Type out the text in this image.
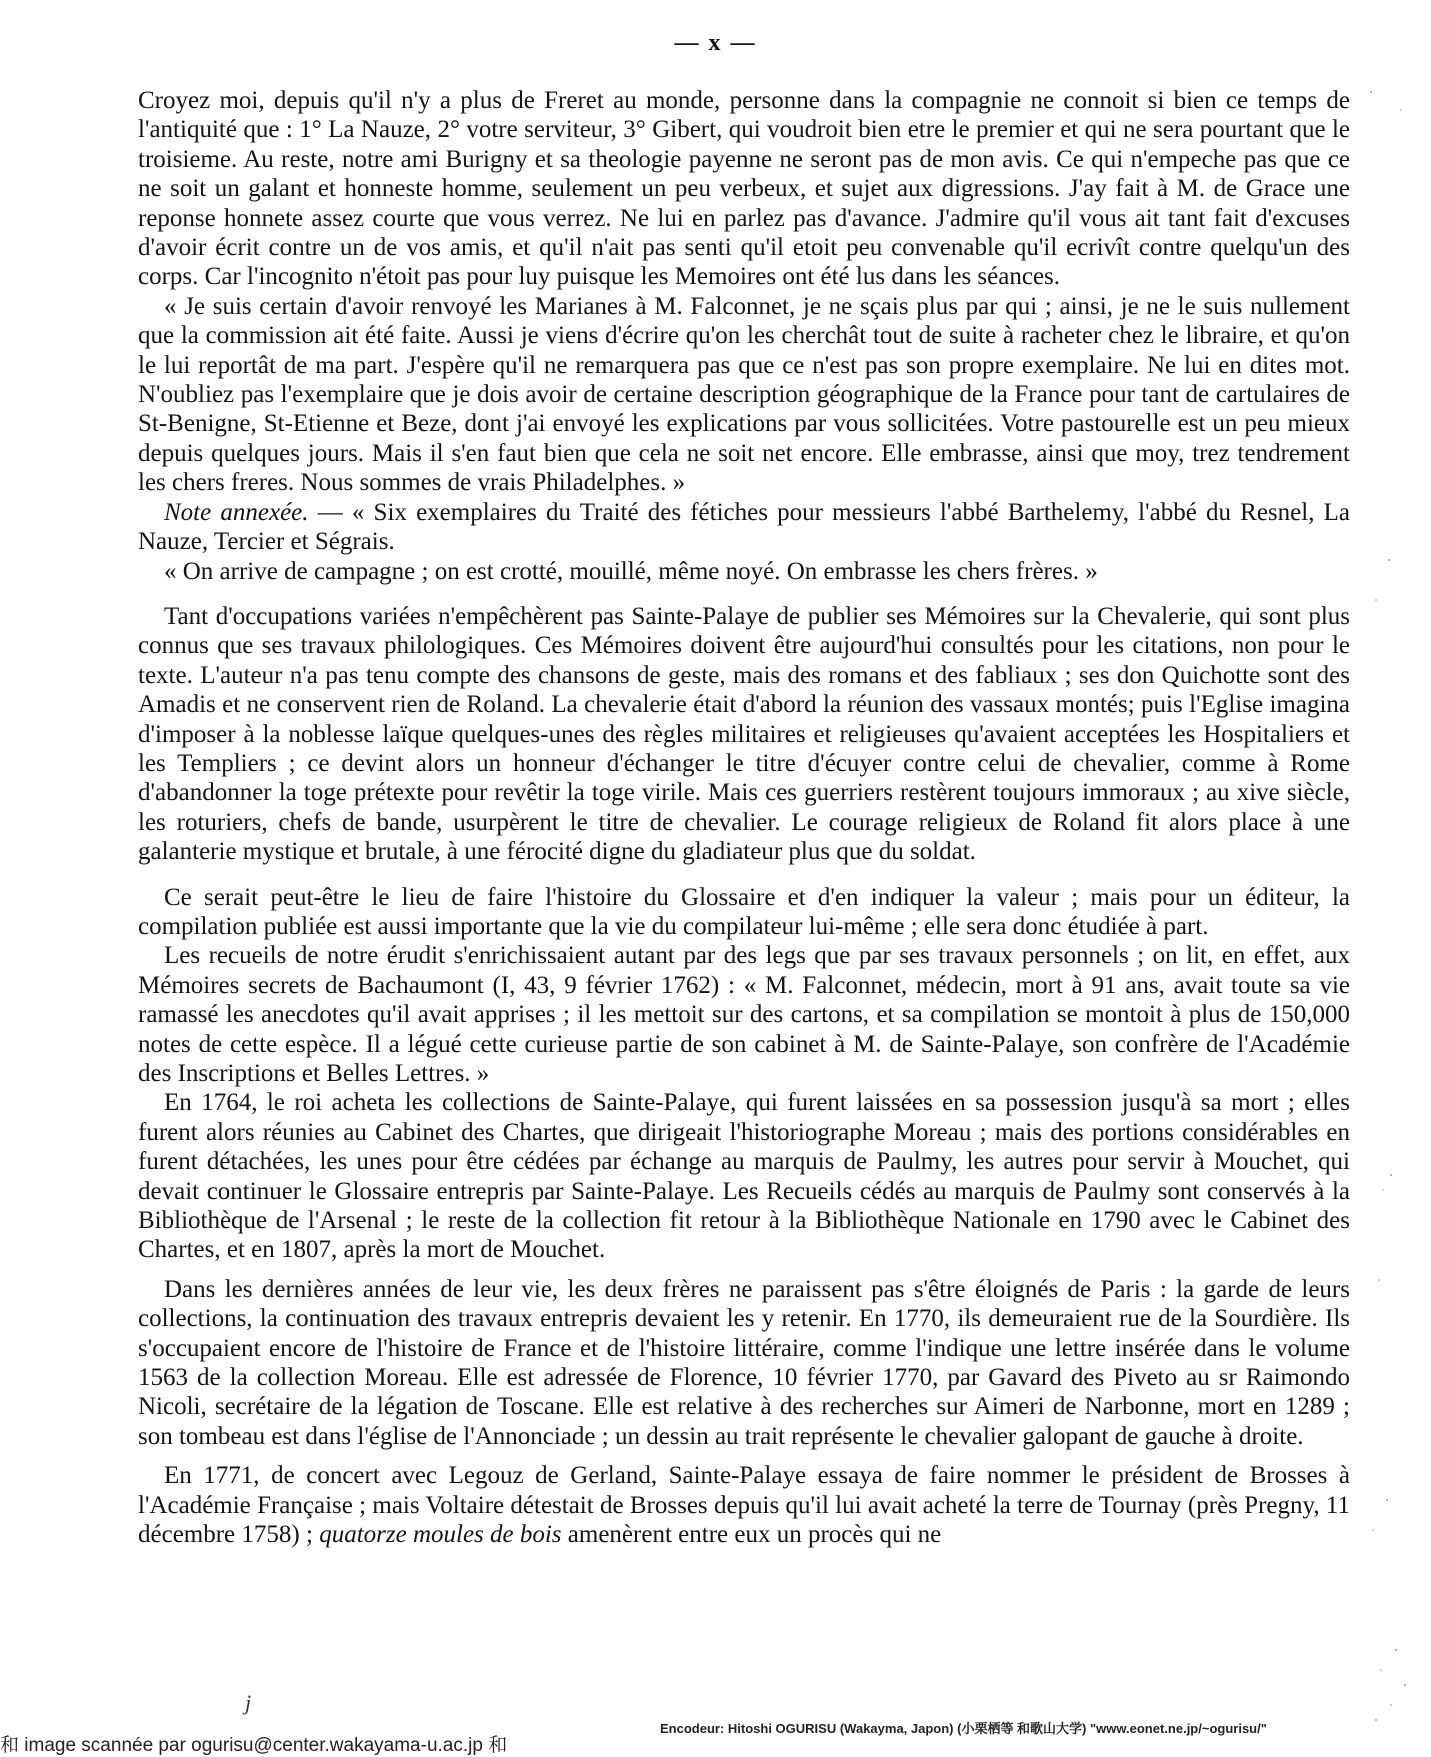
— x —

Croyez moi, depuis qu'il n'y a plus de Freret au monde, personne dans la compagnie ne connoit si bien ce temps de l'antiquité que : 1° La Nauze, 2° votre serviteur, 3° Gibert, qui voudroit bien etre le premier et qui ne sera pourtant que le troisieme. Au reste, notre ami Burigny et sa theologie payenne ne seront pas de mon avis. Ce qui n'empeche pas que ce ne soit un galant et honneste homme, seulement un peu verbeux, et sujet aux digressions. J'ay fait à M. de Grace une reponse honnete assez courte que vous verrez. Ne lui en parlez pas d'avance. J'admire qu'il vous ait tant fait d'excuses d'avoir écrit contre un de vos amis, et qu'il n'ait pas senti qu'il etoit peu convenable qu'il ecrivît contre quelqu'un des corps. Car l'incognito n'étoit pas pour luy puisque les Memoires ont été lus dans les séances.

« Je suis certain d'avoir renvoyé les Marianes à M. Falconnet, je ne sçais plus par qui ; ainsi, je ne le suis nullement que la commission ait été faite. Aussi je viens d'écrire qu'on les cherchât tout de suite à racheter chez le libraire, et qu'on le lui reportât de ma part. J'espère qu'il ne remarquera pas que ce n'est pas son propre exemplaire. Ne lui en dites mot. N'oubliez pas l'exemplaire que je dois avoir de certaine description géographique de la France pour tant de cartulaires de St-Benigne, St-Etienne et Beze, dont j'ai envoyé les explications par vous sollicitées. Votre pastourelle est un peu mieux depuis quelques jours. Mais il s'en faut bien que cela ne soit net encore. Elle embrasse, ainsi que moy, trez tendrement les chers freres. Nous sommes de vrais Philadelphes. »

Note annexée. — « Six exemplaires du Traité des fétiches pour messieurs l'abbé Barthelemy, l'abbé du Resnel, La Nauze, Tercier et Ségrais.

« On arrive de campagne ; on est crotté, mouillé, même noyé. On embrasse les chers frères. »

Tant d'occupations variées n'empêchèrent pas Sainte-Palaye de publier ses Mémoires sur la Chevalerie, qui sont plus connus que ses travaux philologiques. Ces Mémoires doivent être aujourd'hui consultés pour les citations, non pour le texte. L'auteur n'a pas tenu compte des chansons de geste, mais des romans et des fabliaux ; ses don Quichotte sont des Amadis et ne conservent rien de Roland. La chevalerie était d'abord la réunion des vassaux montés; puis l'Eglise imagina d'imposer à la noblesse laïque quelques-unes des règles militaires et religieuses qu'avaient acceptées les Hospitaliers et les Templiers ; ce devint alors un honneur d'échanger le titre d'écuyer contre celui de chevalier, comme à Rome d'abandonner la toge prétexte pour revêtir la toge virile. Mais ces guerriers restèrent toujours immoraux ; au xive siècle, les roturiers, chefs de bande, usurpèrent le titre de chevalier. Le courage religieux de Roland fit alors place à une galanterie mystique et brutale, à une férocité digne du gladiateur plus que du soldat.

Ce serait peut-être le lieu de faire l'histoire du Glossaire et d'en indiquer la valeur ; mais pour un éditeur, la compilation publiée est aussi importante que la vie du compilateur lui-même ; elle sera donc étudiée à part.

Les recueils de notre érudit s'enrichissaient autant par des legs que par ses travaux personnels ; on lit, en effet, aux Mémoires secrets de Bachaumont (I, 43, 9 février 1762) : « M. Falconnet, médecin, mort à 91 ans, avait toute sa vie ramassé les anecdotes qu'il avait apprises ; il les mettoit sur des cartons, et sa compilation se montoit à plus de 150,000 notes de cette espèce. Il a légué cette curieuse partie de son cabinet à M. de Sainte-Palaye, son confrère de l'Académie des Inscriptions et Belles Lettres. »

En 1764, le roi acheta les collections de Sainte-Palaye, qui furent laissées en sa possession jusqu'à sa mort ; elles furent alors réunies au Cabinet des Chartes, que dirigeait l'historiographe Moreau ; mais des portions considérables en furent détachées, les unes pour être cédées par échange au marquis de Paulmy, les autres pour servir à Mouchet, qui devait continuer le Glossaire entrepris par Sainte-Palaye. Les Recueils cédés au marquis de Paulmy sont conservés à la Bibliothèque de l'Arsenal ; le reste de la collection fit retour à la Bibliothèque Nationale en 1790 avec le Cabinet des Chartes, et en 1807, après la mort de Mouchet.

Dans les dernières années de leur vie, les deux frères ne paraissent pas s'être éloignés de Paris : la garde de leurs collections, la continuation des travaux entrepris devaient les y retenir. En 1770, ils demeuraient rue de la Sourdière. Ils s'occupaient encore de l'histoire de France et de l'histoire littéraire, comme l'indique une lettre insérée dans le volume 1563 de la collection Moreau. Elle est adressée de Florence, 10 février 1770, par Gavard des Piveto au sr Raimondo Nicoli, secrétaire de la légation de Toscane. Elle est relative à des recherches sur Aimeri de Narbonne, mort en 1289 ; son tombeau est dans l'église de l'Annonciade ; un dessin au trait représente le chevalier galopant de gauche à droite.

En 1771, de concert avec Legouz de Gerland, Sainte-Palaye essaya de faire nommer le président de Brosses à l'Académie Française ; mais Voltaire détestait de Brosses depuis qu'il lui avait acheté la terre de Tournay (près Pregny, 11 décembre 1758) ; quatorze moules de bois amenèrent entre eux un procès qui ne

j
Encodeur: Hitoshi OGURISU (Wakayma, Japon) (小栗栖等 和歌山大学) "www.eonet.ne.jp/~ogurisu/"
和 image scannée par ogurisu@center.wakayama-u.ac.jp 和
